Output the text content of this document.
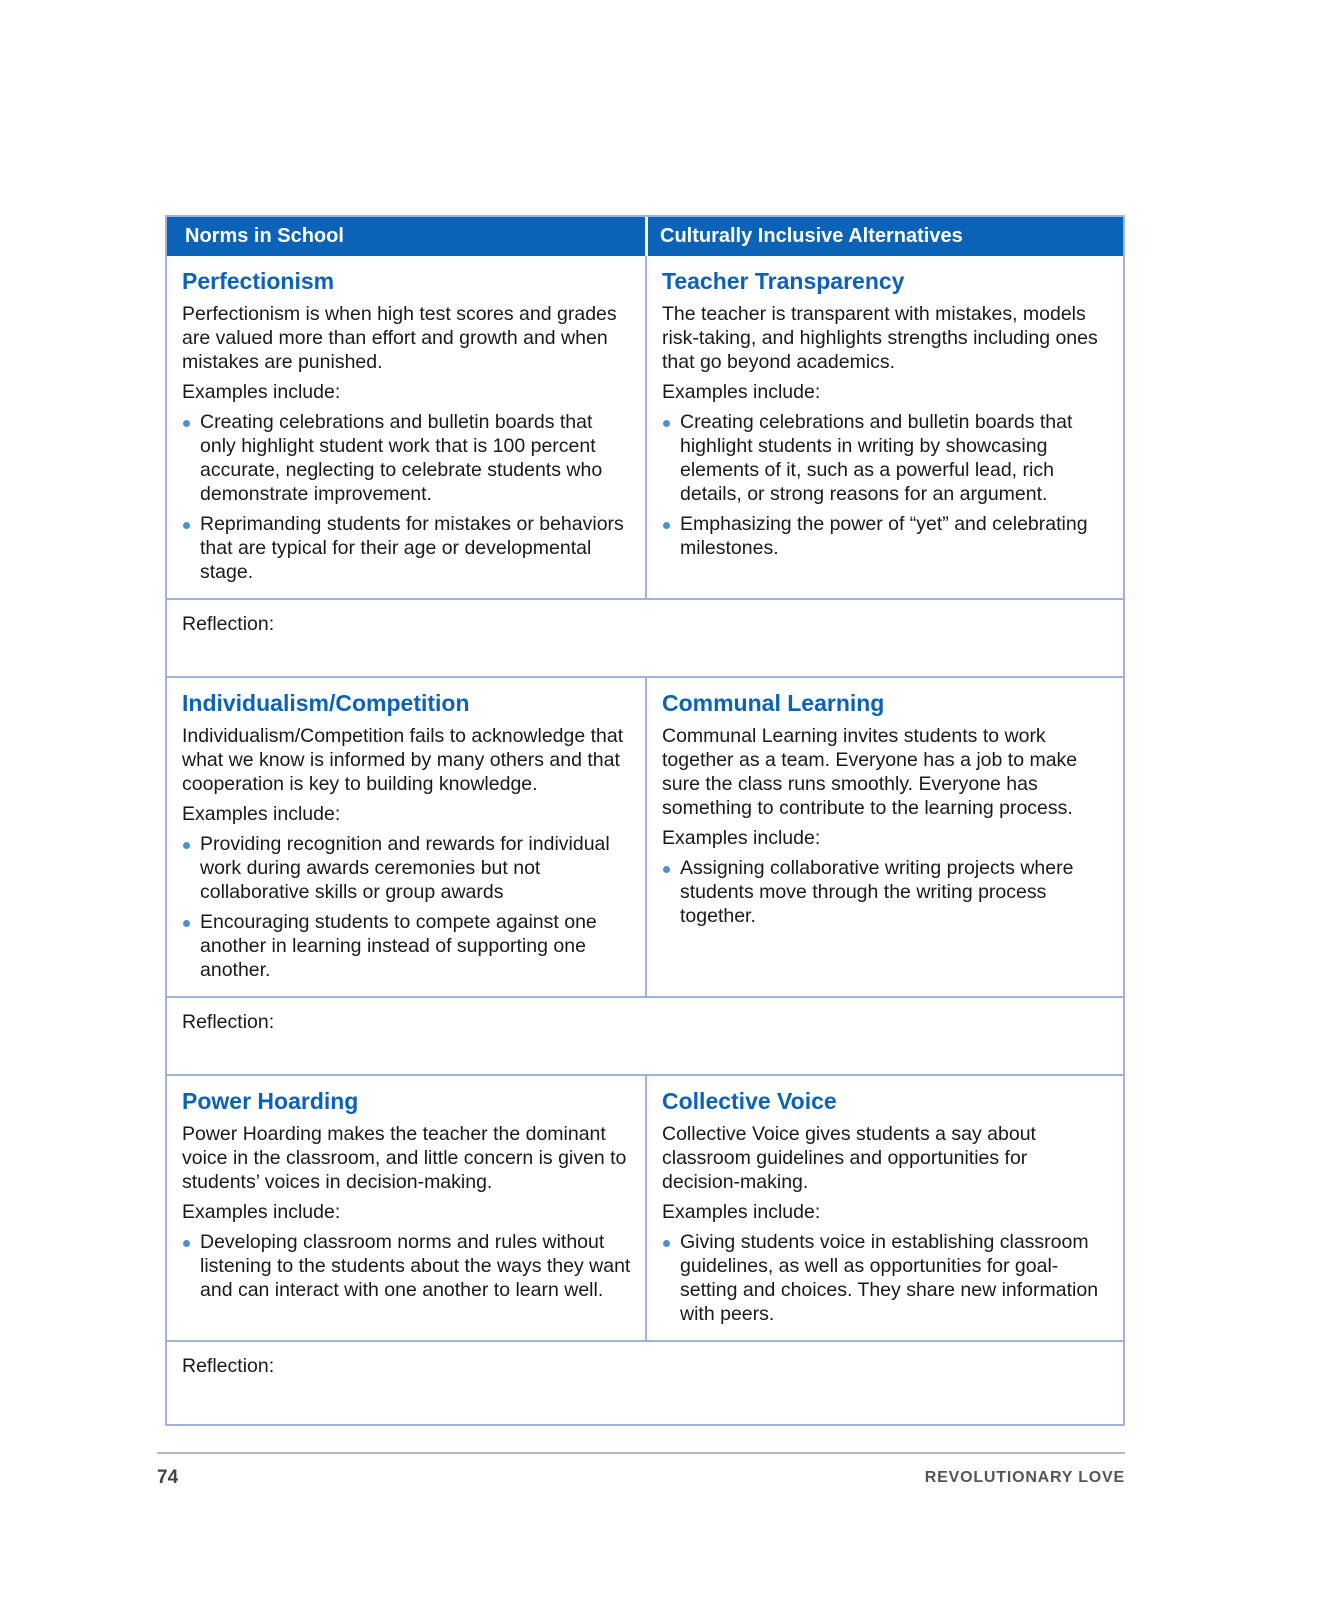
Norms in School	Culturally Inclusive Alternatives
Perfectionism

Perfectionism is when high test scores and grades are valued more than effort and growth and when mistakes are punished.

Examples include:

Creating celebrations and bulletin boards that only highlight student work that is 100 percent accurate, neglecting to celebrate students who demonstrate improvement.
Reprimanding students for mistakes or behaviors that are typical for their age or developmental stage.
Teacher Transparency

The teacher is transparent with mistakes, models risk-taking, and highlights strengths including ones that go beyond academics.

Examples include:

Creating celebrations and bulletin boards that highlight students in writing by showcasing elements of it, such as a powerful lead, rich details, or strong reasons for an argument.
Emphasizing the power of “yet” and celebrating milestones.
Reflection:
Individualism/Competition

Individualism/Competition fails to acknowledge that what we know is informed by many others and that cooperation is key to building knowledge.

Examples include:

Providing recognition and rewards for individual work during awards ceremonies but not collaborative skills or group awards
Encouraging students to compete against one another in learning instead of supporting one another.
Communal Learning

Communal Learning invites students to work together as a team. Everyone has a job to make sure the class runs smoothly. Everyone has something to contribute to the learning process.

Examples include:

Assigning collaborative writing projects where students move through the writing process together.
Reflection:
Power Hoarding

Power Hoarding makes the teacher the dominant voice in the classroom, and little concern is given to students’ voices in decision-making.

Examples include:

Developing classroom norms and rules without listening to the students about the ways they want and can interact with one another to learn well.
Collective Voice

Collective Voice gives students a say about classroom guidelines and opportunities for decision-making.

Examples include:

Giving students voice in establishing classroom guidelines, as well as opportunities for goal-setting and choices. They share new information with peers.
Reflection:
74	REVOLUTIONARY LOVE
